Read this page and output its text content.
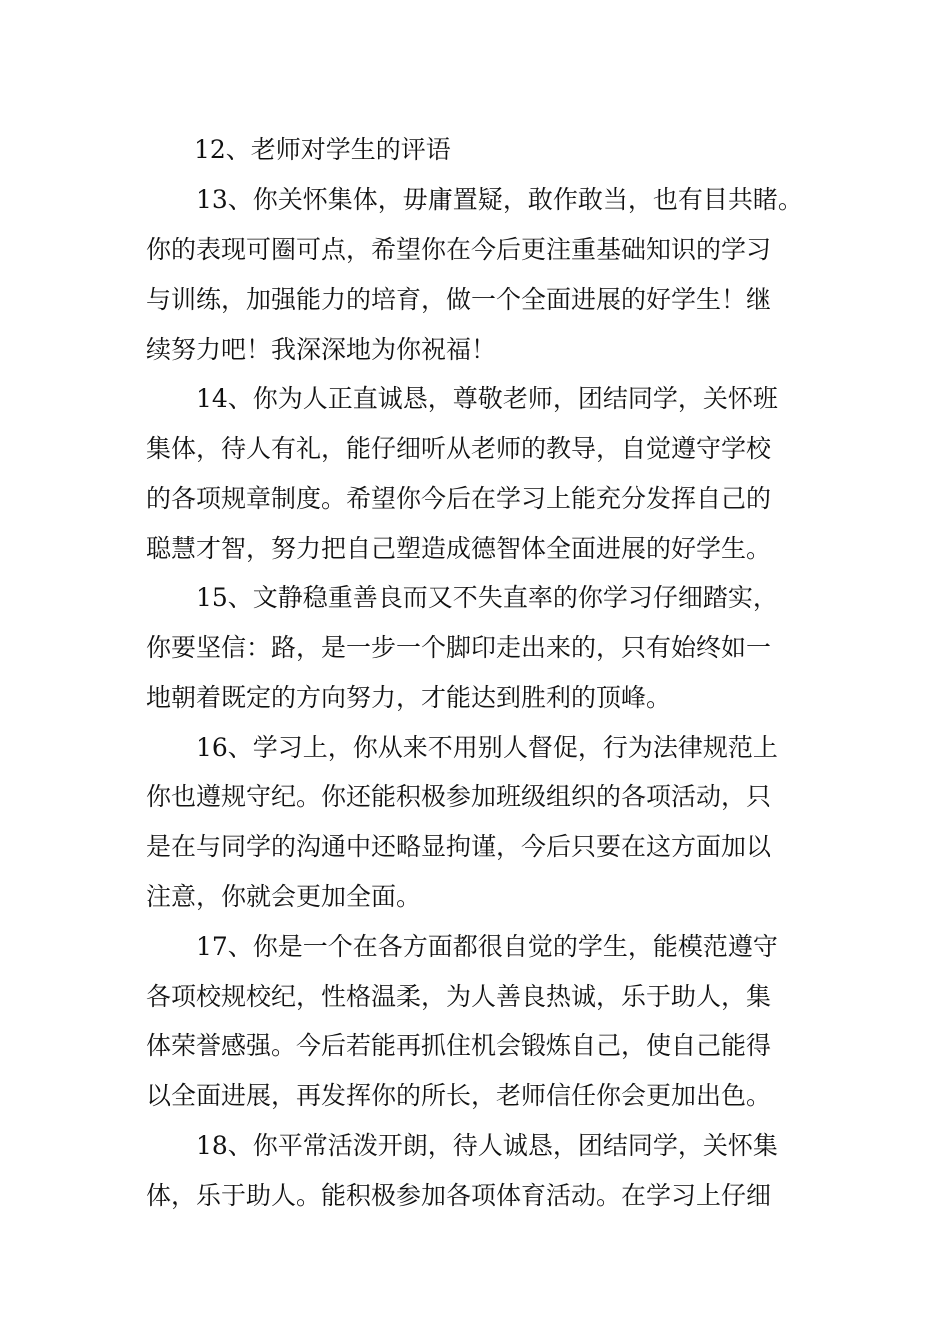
12、老师对学生的评语
13、你关怀集体，毋庸置疑，敢作敢当，也有目共睹。
你的表现可圈可点，希望你在今后更注重基础知识的学习
与训练，加强能力的培育，做一个全面进展的好学生！继
续努力吧！我深深地为你祝福！
14、你为人正直诚恳，尊敬老师，团结同学，关怀班
集体，待人有礼，能仔细听从老师的教导，自觉遵守学校
的各项规章制度。希望你今后在学习上能充分发挥自己的
聪慧才智，努力把自己塑造成德智体全面进展的好学生。
15、文静稳重善良而又不失直率的你学习仔细踏实，
你要坚信：路，是一步一个脚印走出来的，只有始终如一
地朝着既定的方向努力，才能达到胜利的顶峰。
16、学习上，你从来不用别人督促，行为法律规范上
你也遵规守纪。你还能积极参加班级组织的各项活动，只
是在与同学的沟通中还略显拘谨，今后只要在这方面加以
注意，你就会更加全面。
17、你是一个在各方面都很自觉的学生，能模范遵守
各项校规校纪，性格温柔，为人善良热诚，乐于助人，集
体荣誉感强。今后若能再抓住机会锻炼自己，使自己能得
以全面进展，再发挥你的所长，老师信任你会更加出色。
18、你平常活泼开朗，待人诚恳，团结同学，关怀集
体，乐于助人。能积极参加各项体育活动。在学习上仔细
